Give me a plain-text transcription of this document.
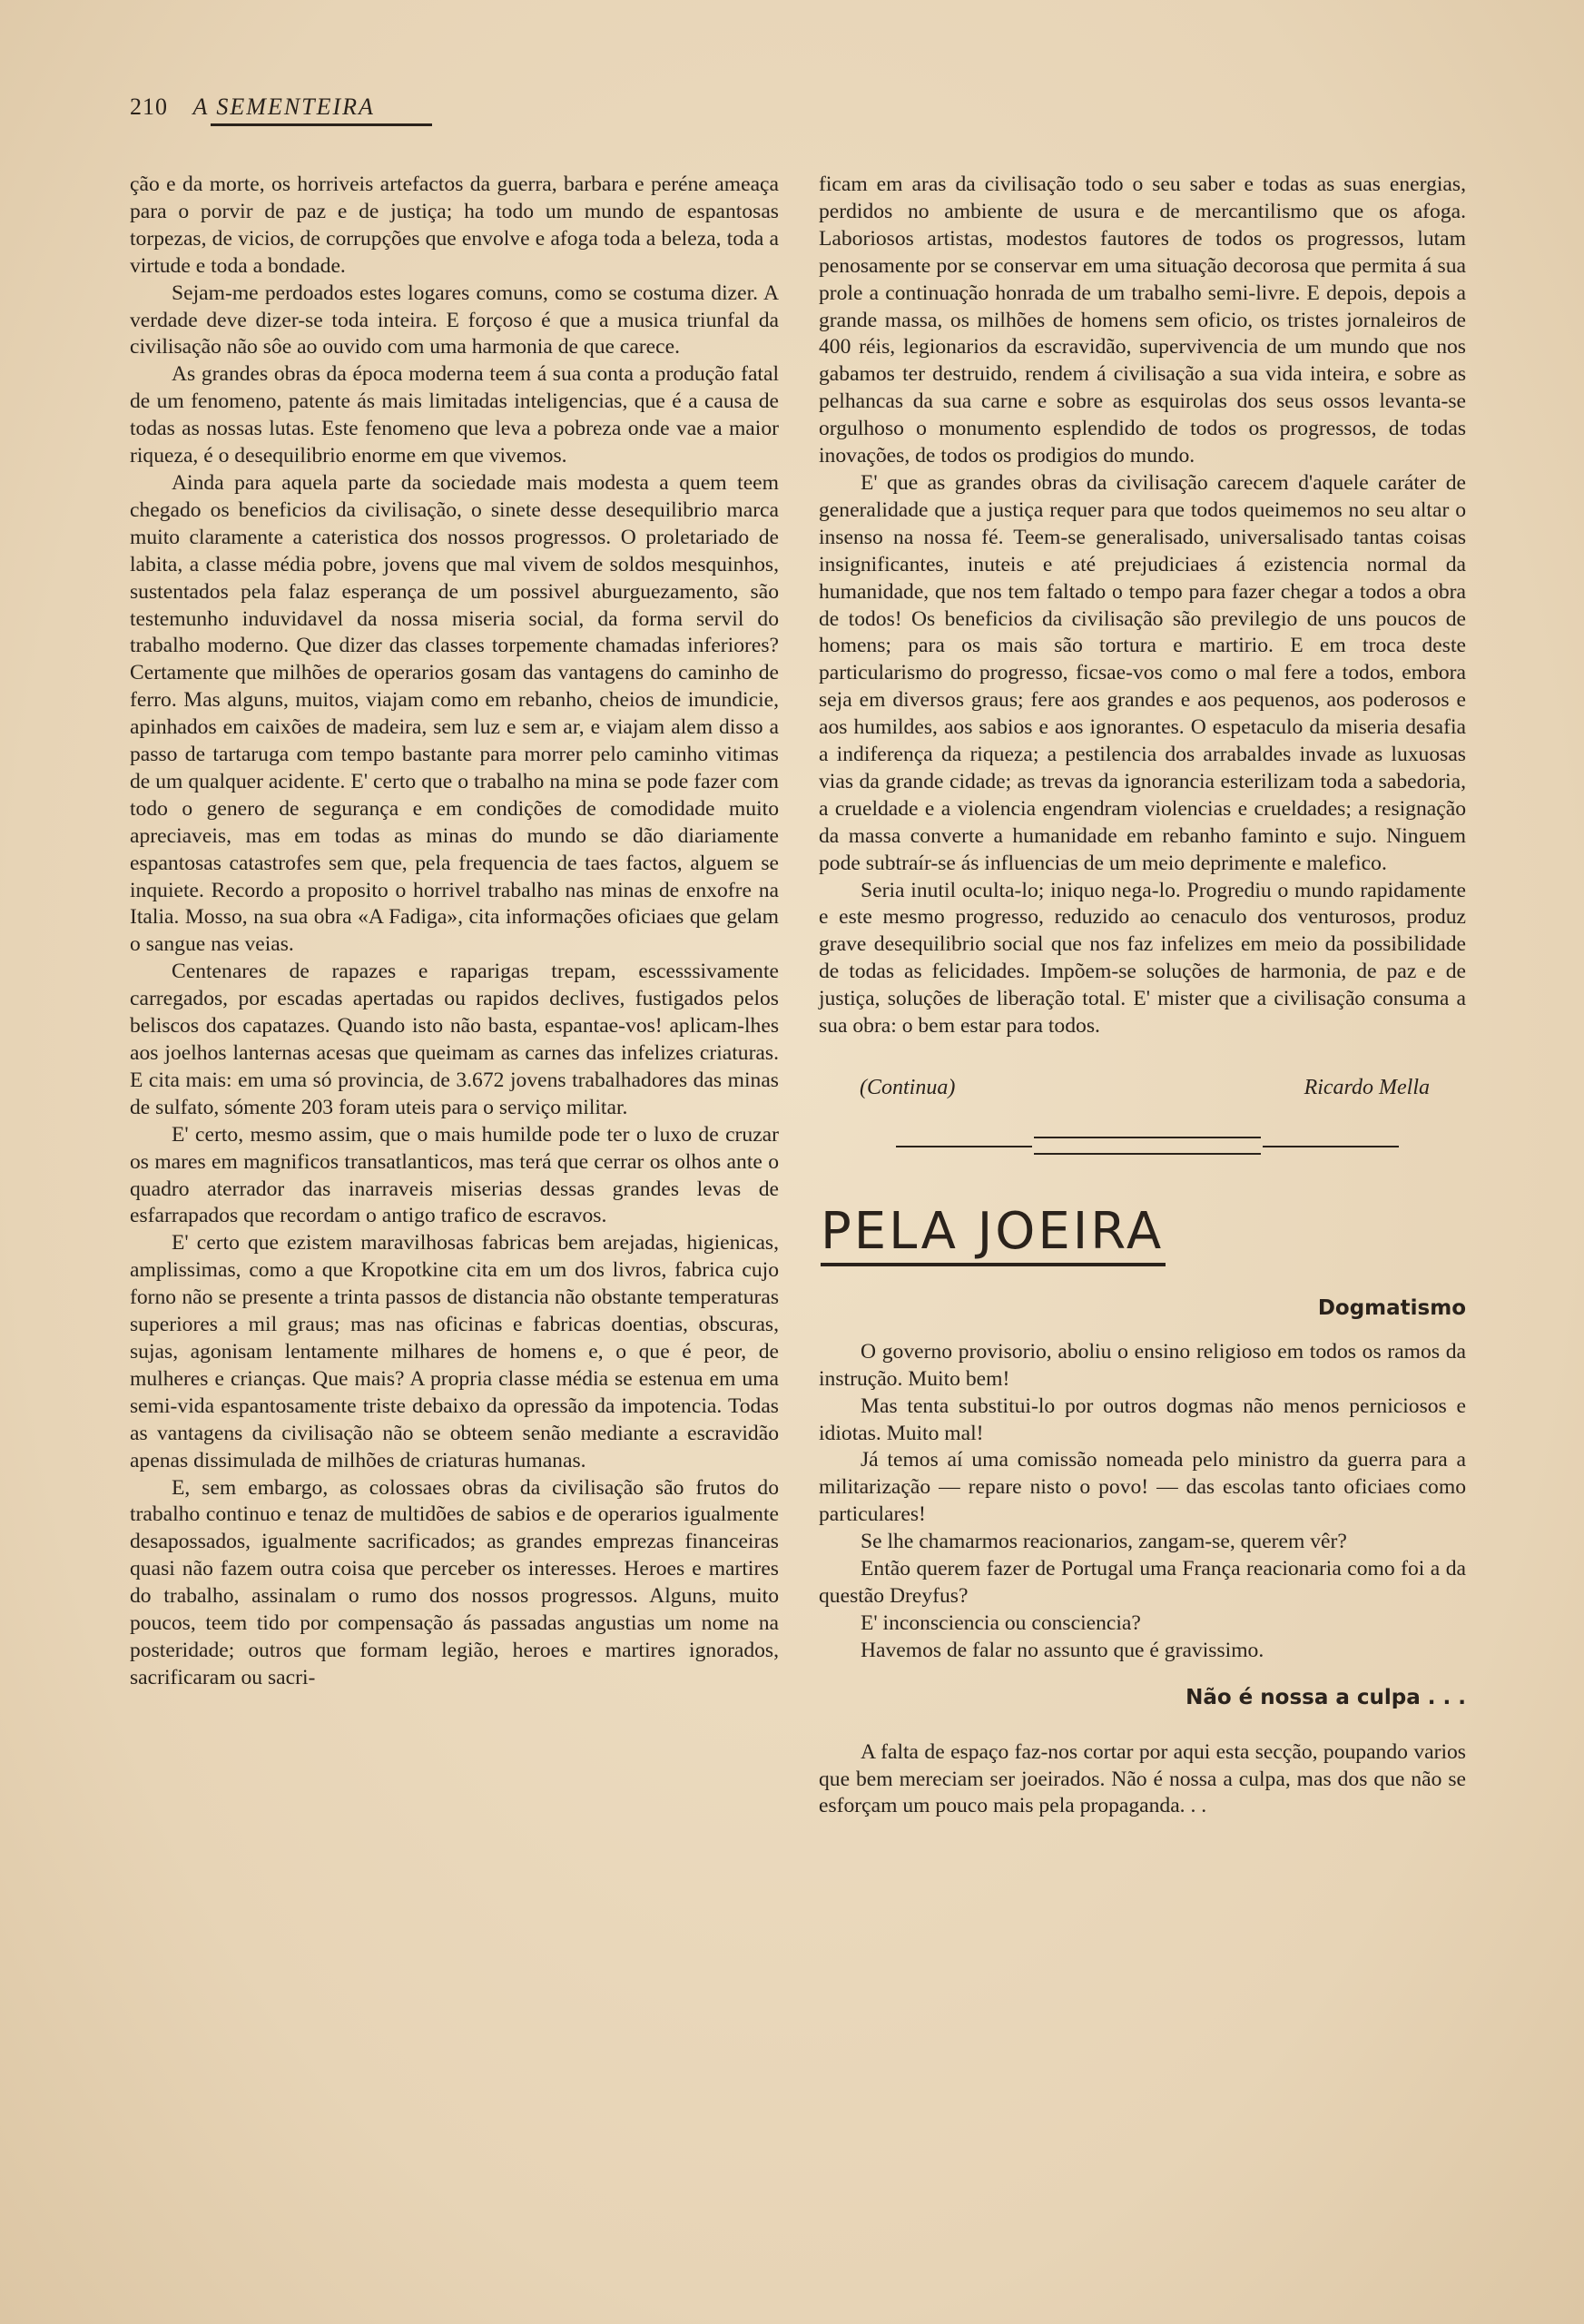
210 A SEMENTEIRA

ção e da morte, os horriveis artefactos da guerra, barbara e peréne ameaça para o porvir de paz e de justiça; ha todo um mundo de espantosas torpezas, de vicios, de corrupções que envolve e afoga toda a beleza, toda a virtude e toda a bondade.

Sejam-me perdoados estes logares comuns, como se costuma dizer. A verdade deve dizer-se toda inteira. E forçoso é que a musica triunfal da civilisação não sôe ao ouvido com uma harmonia de que carece.

As grandes obras da época moderna teem á sua conta a produção fatal de um fenomeno, patente ás mais limitadas inteligencias, que é a causa de todas as nossas lutas. Este fenomeno que leva a pobreza onde vae a maior riqueza, é o desequilibrio enorme em que vivemos.

Ainda para aquela parte da sociedade mais modesta a quem teem chegado os beneficios da civilisação, o sinete desse desequilibrio marca muito claramente a cateristica dos nossos progressos. O proletariado de labita, a classe média pobre, jovens que mal vivem de soldos mesquinhos, sustentados pela falaz esperança de um possivel aburguezamento, são testemunho induvidavel da nossa miseria social, da forma servil do trabalho moderno. Que dizer das classes torpemente chamadas inferiores? Certamente que milhões de operarios gosam das vantagens do caminho de ferro. Mas alguns, muitos, viajam como em rebanho, cheios de imundicie, apinhados em caixões de madeira, sem luz e sem ar, e viajam alem disso a passo de tartaruga com tempo bastante para morrer pelo caminho vitimas de um qualquer acidente. E' certo que o trabalho na mina se pode fazer com todo o genero de segurança e em condições de comodidade muito apreciaveis, mas em todas as minas do mundo se dão diariamente espantosas catastrofes sem que, pela frequencia de taes factos, alguem se inquiete. Recordo a proposito o horrivel trabalho nas minas de enxofre na Italia. Mosso, na sua obra «A Fadiga», cita informações oficiaes que gelam o sangue nas veias.

Centenares de rapazes e raparigas trepam, escesssivamente carregados, por escadas apertadas ou rapidos declives, fustigados pelos beliscos dos capatazes. Quando isto não basta, espantae-vos! aplicam-lhes aos joelhos lanternas acesas que queimam as carnes das infelizes criaturas. E cita mais: em uma só provincia, de 3.672 jovens trabalhadores das minas de sulfato, sómente 203 foram uteis para o serviço militar.

E' certo, mesmo assim, que o mais humilde pode ter o luxo de cruzar os mares em magnificos transatlanticos, mas terá que cerrar os olhos ante o quadro aterrador das inarraveis miserias dessas grandes levas de esfarrapados que recordam o antigo trafico de escravos.

E' certo que ezistem maravilhosas fabricas bem arejadas, higienicas, amplissimas, como a que Kropotkine cita em um dos livros, fabrica cujo forno não se presente a trinta passos de distancia não obstante temperaturas superiores a mil graus; mas nas oficinas e fabricas doentias, obscuras, sujas, agonisam lentamente milhares de homens e, o que é peor, de mulheres e crianças. Que mais? A propria classe média se estenua em uma semi-vida espantosamente triste debaixo da opressão da impotencia. Todas as vantagens da civilisação não se obteem senão mediante a escravidão apenas dissimulada de milhões de criaturas humanas.

E, sem embargo, as colossaes obras da civilisação são frutos do trabalho continuo e tenaz de multidões de sabios e de operarios igualmente desapossados, igualmente sacrificados; as grandes emprezas financeiras quasi não fazem outra coisa que perceber os interesses. Heroes e martires do trabalho, assinalam o rumo dos nossos progressos. Alguns, muito poucos, teem tido por compensação ás passadas angustias um nome na posteridade; outros que formam legião, heroes e martires ignorados, sacrificaram ou sacri-

ficam em aras da civilisação todo o seu saber e todas as suas energias, perdidos no ambiente de usura e de mercantilismo que os afoga. Laboriosos artistas, modestos fautores de todos os progressos, lutam penosamente por se conservar em uma situação decorosa que permita á sua prole a continuação honrada de um trabalho semi-livre. E depois, depois a grande massa, os milhões de homens sem oficio, os tristes jornaleiros de 400 réis, legionarios da escravidão, supervivencia de um mundo que nos gabamos ter destruido, rendem á civilisação a sua vida inteira, e sobre as pelhancas da sua carne e sobre as esquirolas dos seus ossos levanta-se orgulhoso o monumento esplendido de todos os progressos, de todas inovações, de todos os prodigios do mundo.

E' que as grandes obras da civilisação carecem d'aquele caráter de generalidade que a justiça requer para que todos queimemos no seu altar o insenso na nossa fé. Teem-se generalisado, universalisado tantas coisas insignificantes, inuteis e até prejudiciaes á ezistencia normal da humanidade, que nos tem faltado o tempo para fazer chegar a todos a obra de todos! Os beneficios da civilisação são previlegio de uns poucos de homens; para os mais são tortura e martirio. E em troca deste particularismo do progresso, ficsae-vos como o mal fere a todos, embora seja em diversos graus; fere aos grandes e aos pequenos, aos poderosos e aos humildes, aos sabios e aos ignorantes. O espetaculo da miseria desafia a indiferença da riqueza; a pestilencia dos arrabaldes invade as luxuosas vias da grande cidade; as trevas da ignorancia esterilizam toda a sabedoria, a crueldade e a violencia engendram violencias e crueldades; a resignação da massa converte a humanidade em rebanho faminto e sujo. Ninguem pode subtraír-se ás influencias de um meio deprimente e malefico.

Seria inutil oculta-lo; iniquo nega-lo. Progrediu o mundo rapidamente e este mesmo progresso, reduzido ao cenaculo dos venturosos, produz grave desequilibrio social que nos faz infelizes em meio da possibilidade de todas as felicidades. Impõem-se soluções de harmonia, de paz e de justiça, soluções de liberação total. E' mister que a civilisação consuma a sua obra: o bem estar para todos.

(Continua)	Ricardo Mella
PELA JOEIRA
Dogmatismo

O governo provisorio, aboliu o ensino religioso em todos os ramos da instrução. Muito bem!

Mas tenta substitui-lo por outros dogmas não menos perniciosos e idiotas. Muito mal!

Já temos aí uma comissão nomeada pelo ministro da guerra para a militarização — repare nisto o povo! — das escolas tanto oficiaes como particulares!

Se lhe chamarmos reacionarios, zangam-se, querem vêr?

Então querem fazer de Portugal uma França reacionaria como foi a da questão Dreyfus?

E' inconsciencia ou consciencia?

Havemos de falar no assunto que é gravissimo.

Não é nossa a culpa . . .

A falta de espaço faz-nos cortar por aqui esta secção, poupando varios que bem mereciam ser joeirados. Não é nossa a culpa, mas dos que não se esforçam um pouco mais pela propaganda. . .
